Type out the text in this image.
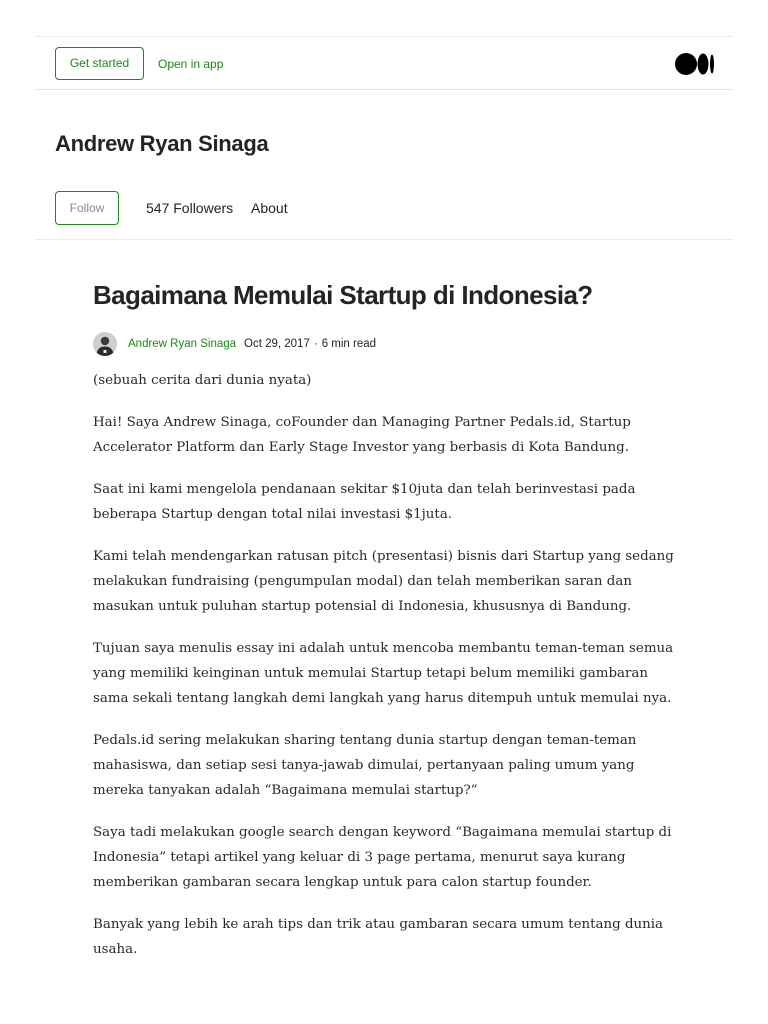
Get started	Open in app
Andrew Ryan Sinaga
Follow	547 Followers About
Bagaimana Memulai Startup di Indonesia?
Andrew Ryan Sinaga Oct 29, 2017 · 6 min read

(sebuah cerita dari dunia nyata)

Hai! Saya Andrew Sinaga, coFounder dan Managing Partner Pedals.id, Startup Accelerator Platform dan Early Stage Investor yang berbasis di Kota Bandung.

Saat ini kami mengelola pendanaan sekitar $10juta dan telah berinvestasi pada beberapa Startup dengan total nilai investasi $1juta.

Kami telah mendengarkan ratusan pitch (presentasi) bisnis dari Startup yang sedang melakukan fundraising (pengumpulan modal) dan telah memberikan saran dan masukan untuk puluhan startup potensial di Indonesia, khususnya di Bandung.

Tujuan saya menulis essay ini adalah untuk mencoba membantu teman-teman semua yang memiliki keinginan untuk memulai Startup tetapi belum memiliki gambaran sama sekali tentang langkah demi langkah yang harus ditempuh untuk memulai nya.

Pedals.id sering melakukan sharing tentang dunia startup dengan teman-teman mahasiswa, dan setiap sesi tanya-jawab dimulai, pertanyaan paling umum yang mereka tanyakan adalah “Bagaimana memulai startup?”

Saya tadi melakukan google search dengan keyword “Bagaimana memulai startup di Indonesia” tetapi artikel yang keluar di 3 page pertama, menurut saya kurang memberikan gambaran secara lengkap untuk para calon startup founder.

Banyak yang lebih ke arah tips dan trik atau gambaran secara umum tentang dunia usaha.
